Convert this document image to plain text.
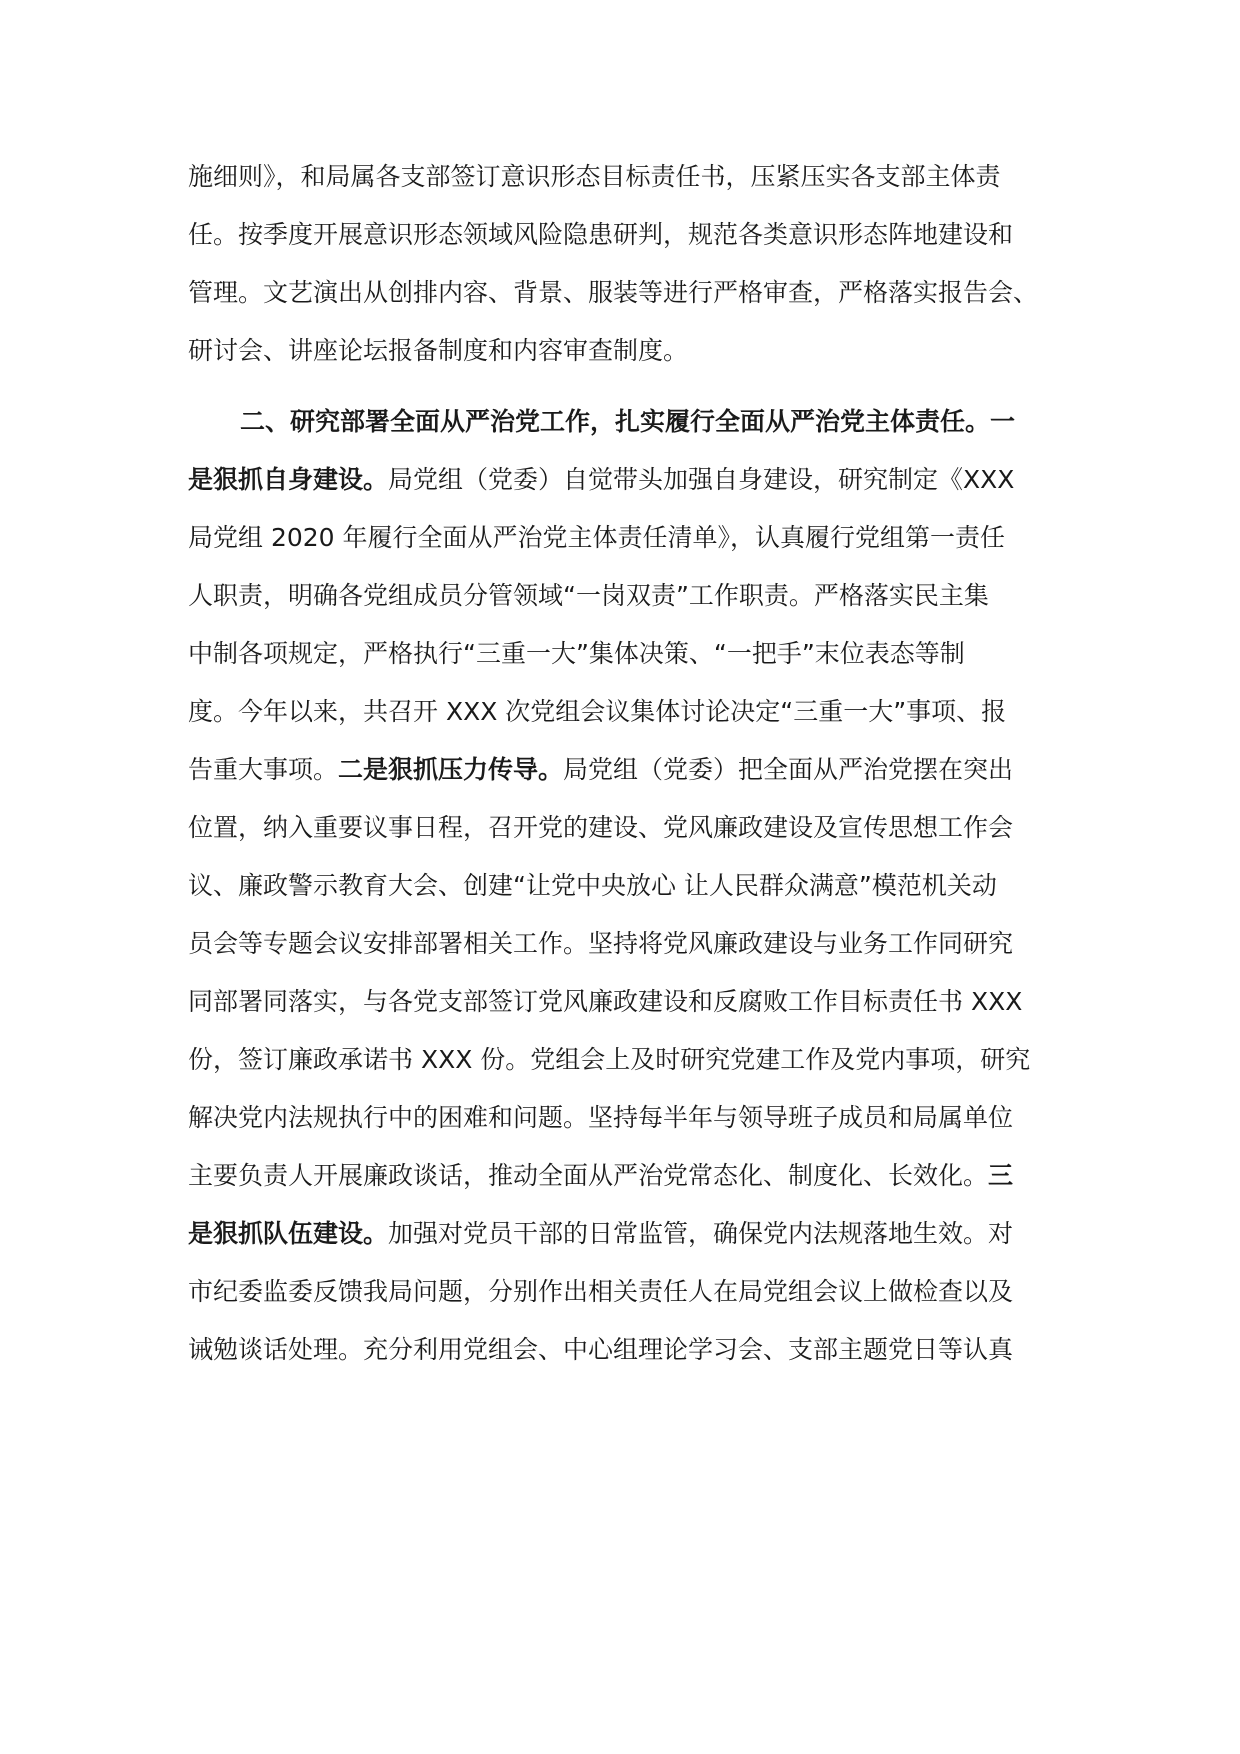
施细则》，和局属各支部签订意识形态目标责任书，压紧压实各支部主体责
任。按季度开展意识形态领域风险隐患研判，规范各类意识形态阵地建设和
管理。文艺演出从创排内容、背景、服装等进行严格审查，严格落实报告会、
研讨会、讲座论坛报备制度和内容审查制度。
二、研究部署全面从严治党工作，扎实履行全面从严治党主体责任。一
是狠抓自身建设。局党组（党委）自觉带头加强自身建设，研究制定《XXX
局党组 2020 年履行全面从严治党主体责任清单》，认真履行党组第一责任
人职责，明确各党组成员分管领域“一岗双责”工作职责。严格落实民主集
中制各项规定，严格执行“三重一大”集体决策、“一把手”末位表态等制
度。今年以来，共召开 XXX 次党组会议集体讨论决定“三重一大”事项、报
告重大事项。二是狠抓压力传导。局党组（党委）把全面从严治党摆在突出
位置，纳入重要议事日程，召开党的建设、党风廉政建设及宣传思想工作会
议、廉政警示教育大会、创建“让党中央放心 让人民群众满意”模范机关动
员会等专题会议安排部署相关工作。坚持将党风廉政建设与业务工作同研究
同部署同落实，与各党支部签订党风廉政建设和反腐败工作目标责任书 XXX
份，签订廉政承诺书 XXX 份。党组会上及时研究党建工作及党内事项，研究
解决党内法规执行中的困难和问题。坚持每半年与领导班子成员和局属单位
主要负责人开展廉政谈话，推动全面从严治党常态化、制度化、长效化。三
是狠抓队伍建设。加强对党员干部的日常监管，确保党内法规落地生效。对
市纪委监委反馈我局问题，分别作出相关责任人在局党组会议上做检查以及
诫勉谈话处理。充分利用党组会、中心组理论学习会、支部主题党日等认真
